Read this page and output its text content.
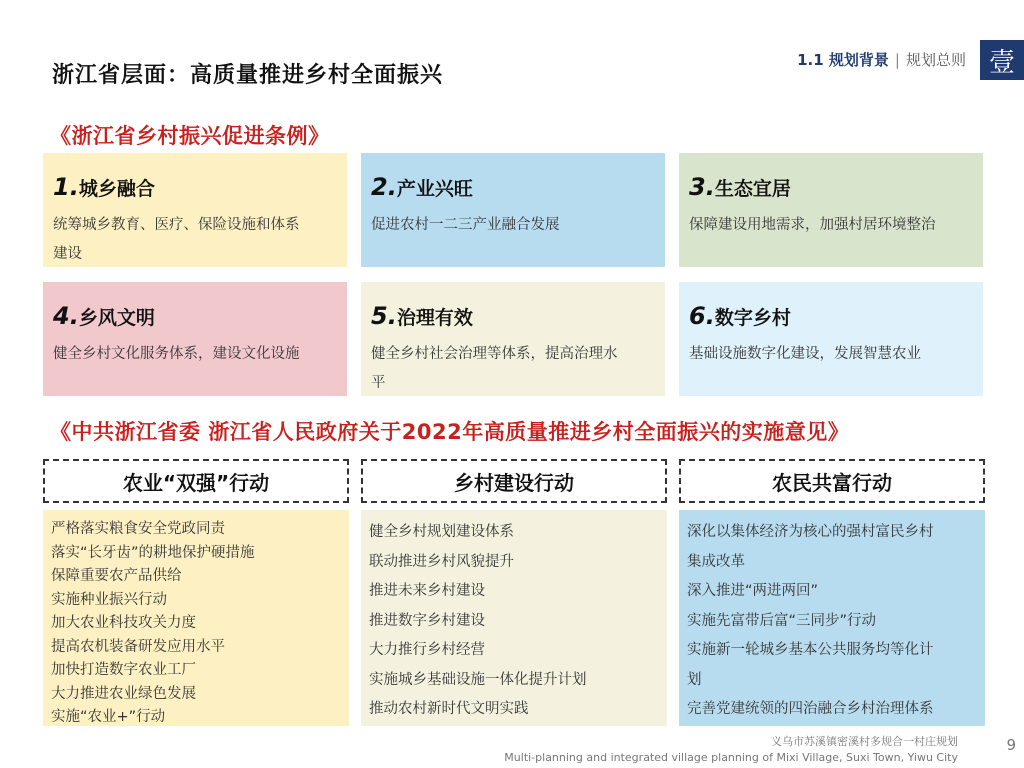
浙江省层面：高质量推进乡村全面振兴
1.1 规划背景 | 规划总则 壹
《浙江省乡村振兴促进条例》
1.城乡融合
统筹城乡教育、医疗、保险设施和体系
建设
2.产业兴旺
促进农村一二三产业融合发展
3.生态宜居
保障建设用地需求，加强村居环境整治
4.乡风文明
健全乡村文化服务体系，建设文化设施
5.治理有效
健全乡村社会治理等体系，提高治理水
平
6.数字乡村
基础设施数字化建设，发展智慧农业
《中共浙江省委 浙江省人民政府关于2022年高质量推进乡村全面振兴的实施意见》
农业“双强”行动	乡村建设行动	农民共富行动
严格落实粮食安全党政同责
落实“长牙齿”的耕地保护硬措施
保障重要农产品供给
实施种业振兴行动
加大农业科技攻关力度
提高农机装备研发应用水平
加快打造数字农业工厂
大力推进农业绿色发展
实施“农业+”行动
健全乡村规划建设体系
联动推进乡村风貌提升
推进未来乡村建设
推进数字乡村建设
大力推行乡村经营
实施城乡基础设施一体化提升计划
推动农村新时代文明实践
深化以集体经济为核心的强村富民乡村
集成改革
深入推进“两进两回”
实施先富带后富“三同步”行动
实施新一轮城乡基本公共服务均等化计
划
完善党建统领的四治融合乡村治理体系
义乌市苏溪镇密溪村多规合一村庄规划
Multi-planning and integrated village planning of Mixi Village, Suxi Town, Yiwu City
9
